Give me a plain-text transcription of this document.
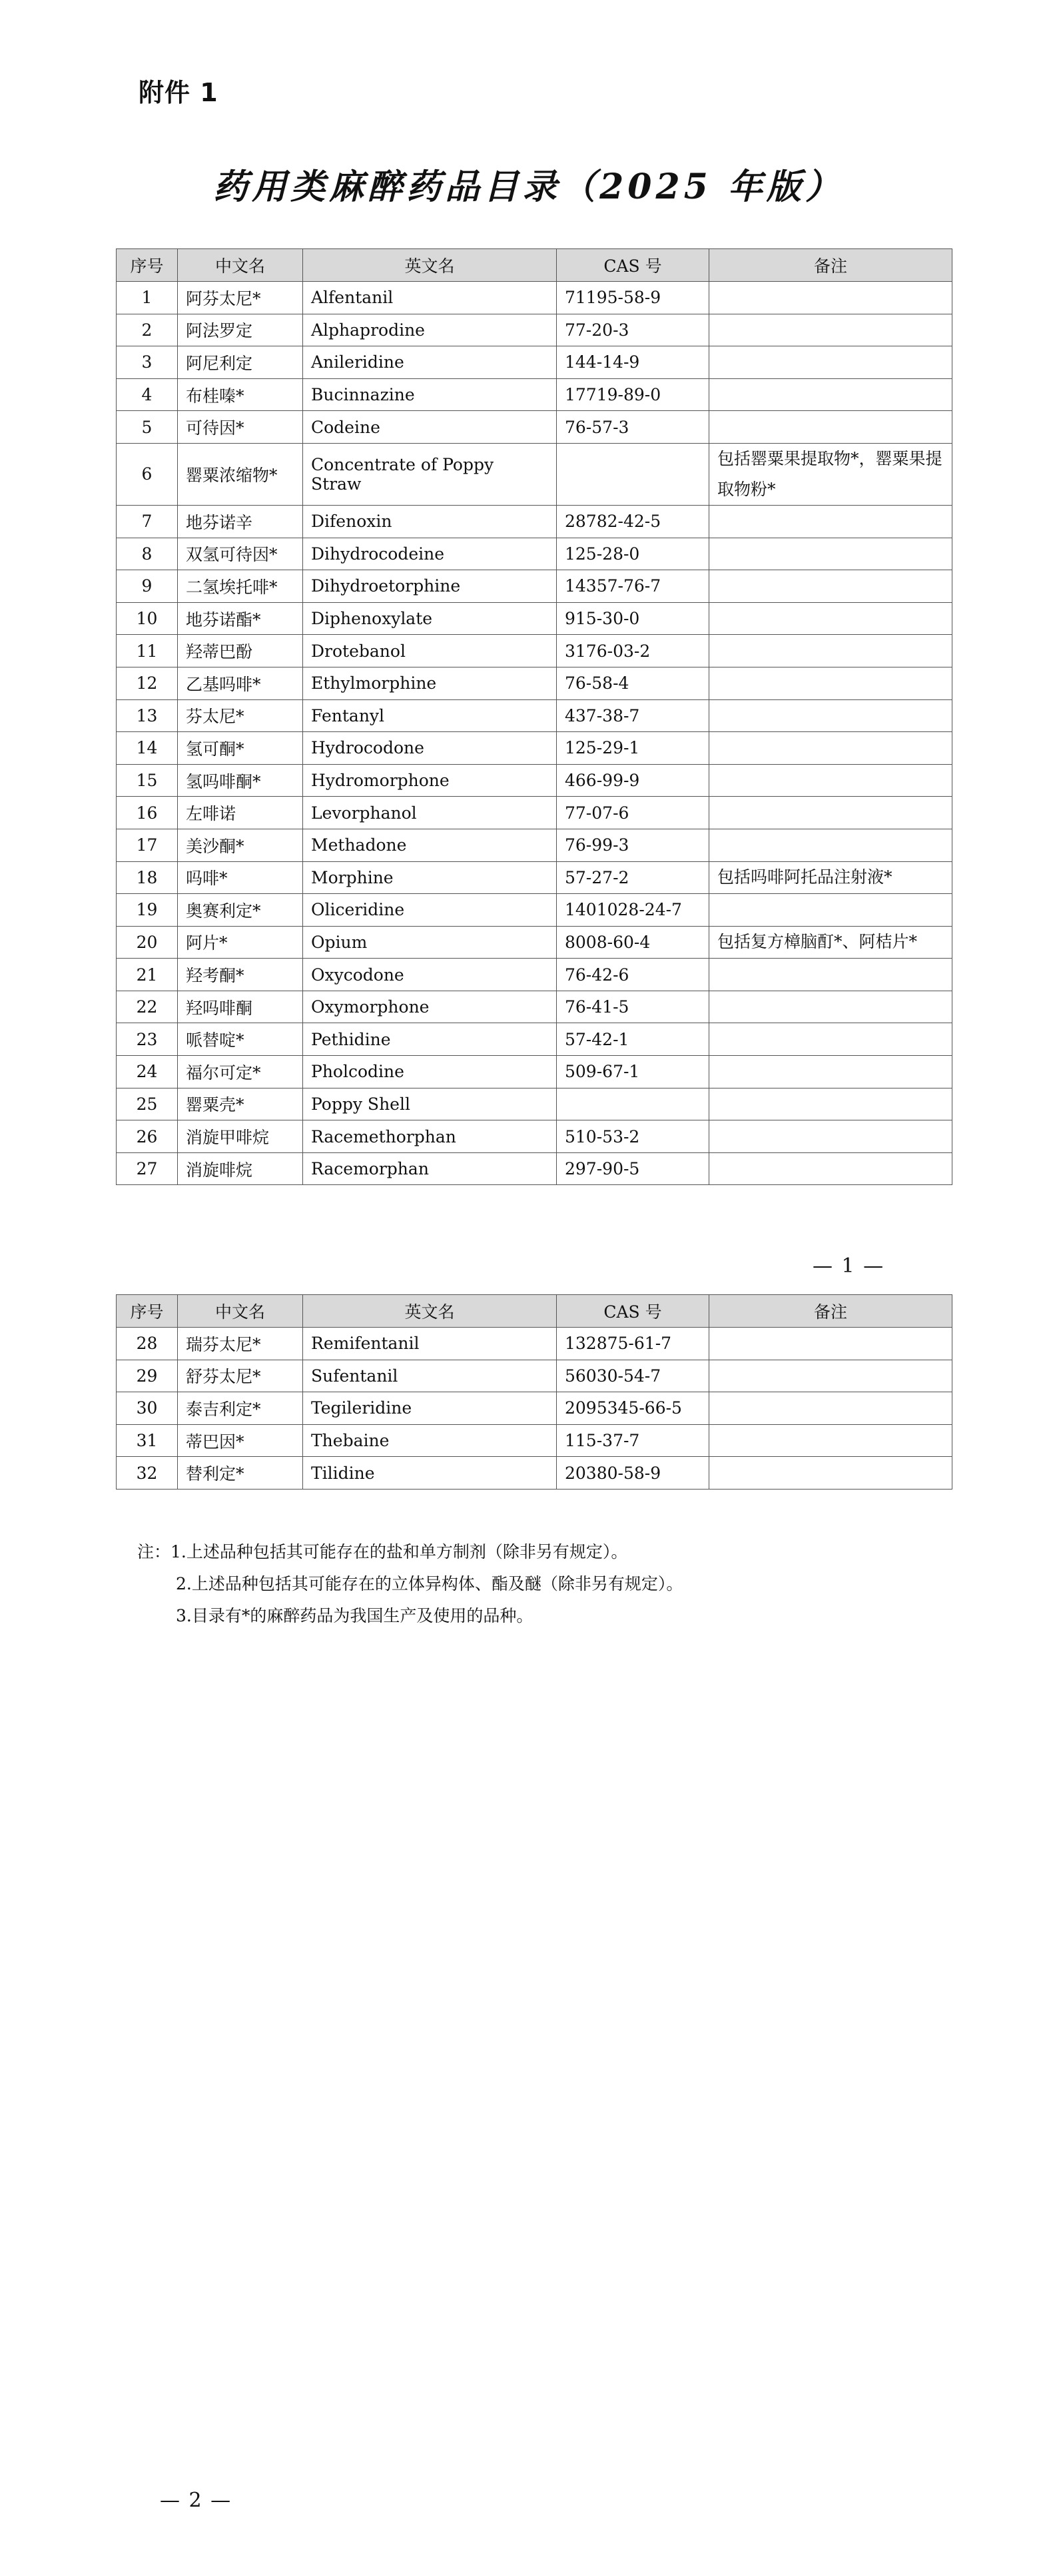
附件 1
药用类麻醉药品目录（2025 年版）
序号	中文名	英文名	CAS 号	备注
1	阿芬太尼*	Alfentanil	71195-58-9	
2	阿法罗定	Alphaprodine	77-20-3	
3	阿尼利定	Anileridine	144-14-9	
4	布桂嗪*	Bucinnazine	17719-89-0	
5	可待因*	Codeine	76-57-3	
6	罂粟浓缩物*	Concentrate of Poppy Straw		包括罂粟果提取物*，罂粟果提取物粉*
7	地芬诺辛	Difenoxin	28782-42-5	
8	双氢可待因*	Dihydrocodeine	125-28-0	
9	二氢埃托啡*	Dihydroetorphine	14357-76-7	
10	地芬诺酯*	Diphenoxylate	915-30-0	
11	羟蒂巴酚	Drotebanol	3176-03-2	
12	乙基吗啡*	Ethylmorphine	76-58-4	
13	芬太尼*	Fentanyl	437-38-7	
14	氢可酮*	Hydrocodone	125-29-1	
15	氢吗啡酮*	Hydromorphone	466-99-9	
16	左啡诺	Levorphanol	77-07-6	
17	美沙酮*	Methadone	76-99-3	
18	吗啡*	Morphine	57-27-2	包括吗啡阿托品注射液*
19	奥赛利定*	Oliceridine	1401028-24-7	
20	阿片*	Opium	8008-60-4	包括复方樟脑酊*、阿桔片*
21	羟考酮*	Oxycodone	76-42-6	
22	羟吗啡酮	Oxymorphone	76-41-5	
23	哌替啶*	Pethidine	57-42-1	
24	福尔可定*	Pholcodine	509-67-1	
25	罂粟壳*	Poppy Shell		
26	消旋甲啡烷	Racemethorphan	510-53-2	
27	消旋啡烷	Racemorphan	297-90-5	
— 1 —
序号	中文名	英文名	CAS 号	备注
28	瑞芬太尼*	Remifentanil	132875-61-7	
29	舒芬太尼*	Sufentanil	56030-54-7	
30	泰吉利定*	Tegileridine	2095345-66-5	
31	蒂巴因*	Thebaine	115-37-7	
32	替利定*	Tilidine	20380-58-9	
注：1.上述品种包括其可能存在的盐和单方制剂（除非另有规定）。
2.上述品种包括其可能存在的立体异构体、酯及醚（除非另有规定）。
3.目录有*的麻醉药品为我国生产及使用的品种。
— 2 —
